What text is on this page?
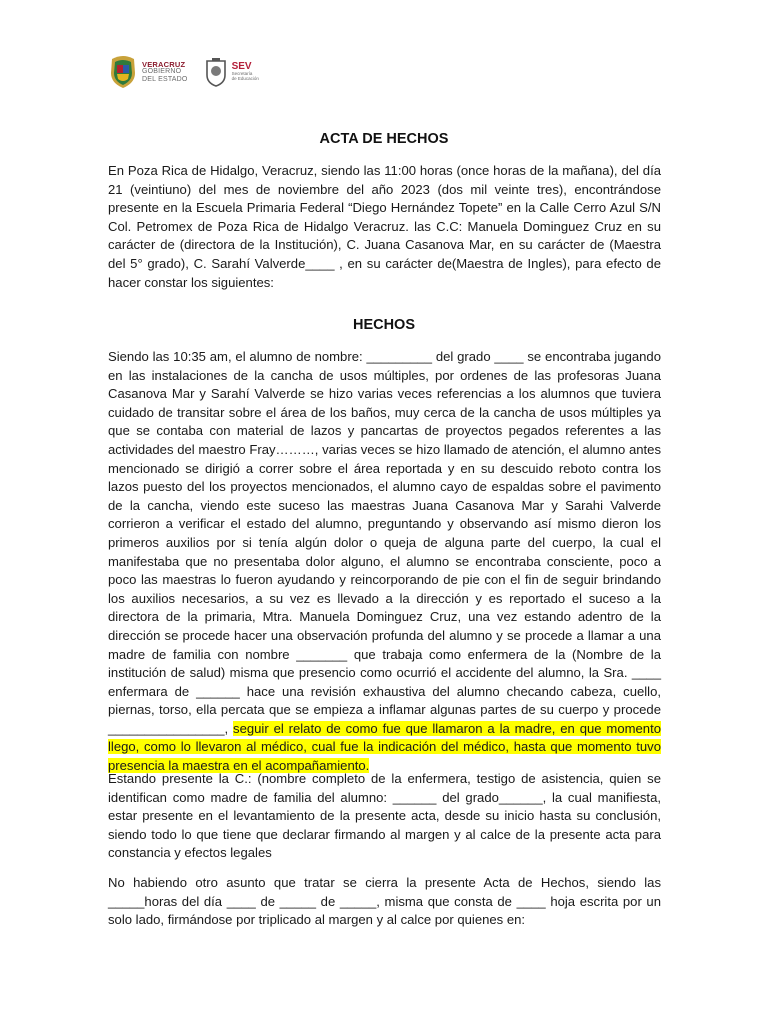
VERACRUZ
GOBIERNO
DEL ESTADO
SEV
Secretaría
de Educación
ACTA DE HECHOS

En Poza Rica de Hidalgo, Veracruz, siendo las 11:00 horas (once horas de la mañana), del día 21 (veintiuno) del mes de noviembre del año 2023 (dos mil veinte tres), encontrándose presente en la Escuela Primaria Federal “Diego Hernández Topete” en la Calle Cerro Azul S/N Col. Petromex de Poza Rica de Hidalgo Veracruz. las C.C: Manuela Dominguez Cruz en su carácter de (directora de la Institución), C. Juana Casanova Mar, en su carácter de (Maestra del 5° grado), C. Sarahí Valverde____ , en su carácter de(Maestra de Ingles), para efecto de hacer constar los siguientes:

HECHOS

Siendo las 10:35 am, el alumno de nombre: _________ del grado ____ se encontraba jugando en las instalaciones de la cancha de usos múltiples, por ordenes de las profesoras Juana Casanova Mar y Sarahí Valverde se hizo varias veces referencias a los alumnos que tuviera cuidado de transitar sobre el área de los baños, muy cerca de la cancha de usos múltiples ya que se contaba con material de lazos y pancartas de proyectos pegados referentes a las actividades del maestro Fray………, varias veces se hizo llamado de atención, el alumno antes mencionado se dirigió a correr sobre el área reportada y en su descuido reboto contra los lazos puesto del los proyectos mencionados, el alumno cayo de espaldas sobre el pavimento de la cancha, viendo este suceso las maestras Juana Casanova Mar y Sarahi Valverde corrieron a verificar el estado del alumno, preguntando y observando así mismo dieron los primeros auxilios por si tenía algún dolor o queja de alguna parte del cuerpo, la cual el manifestaba que no presentaba dolor alguno, el alumno se encontraba consciente, poco a poco las maestras lo fueron ayudando y reincorporando de pie con el fin de seguir brindando los auxilios necesarios, a su vez es llevado a la dirección y es reportado el suceso a la directora de la primaria, Mtra. Manuela Dominguez Cruz, una vez estando adentro de la dirección se procede hacer una observación profunda del alumno y se procede a llamar a una madre de familia con nombre _______ que trabaja como enfermera de la (Nombre de la institución de salud) misma que presencio como ocurrió el accidente del alumno, la Sra. ____ enfermara de ______ hace una revisión exhaustiva del alumno checando cabeza, cuello, piernas, torso, ella percata que se empieza a inflamar algunas partes de su cuerpo y procede ________________, seguir el relato de como fue que llamaron a la madre, en que momento llego, como lo llevaron al médico, cual fue la indicación del médico, hasta que momento tuvo presencia la maestra en el acompañamiento.

Estando presente la C.: (nombre completo de la enfermera, testigo de asistencia, quien se identifican como madre de familia del alumno: ______ del grado______, la cual manifiesta, estar presente en el levantamiento de la presente acta, desde su inicio hasta su conclusión, siendo todo lo que tiene que declarar firmando al margen y al calce de la presente acta para constancia y efectos legales

No habiendo otro asunto que tratar se cierra la presente Acta de Hechos, siendo las _____horas del día ____ de _____ de _____, misma que consta de ____ hoja escrita por un solo lado, firmándose por triplicado al margen y al calce por quienes en:
